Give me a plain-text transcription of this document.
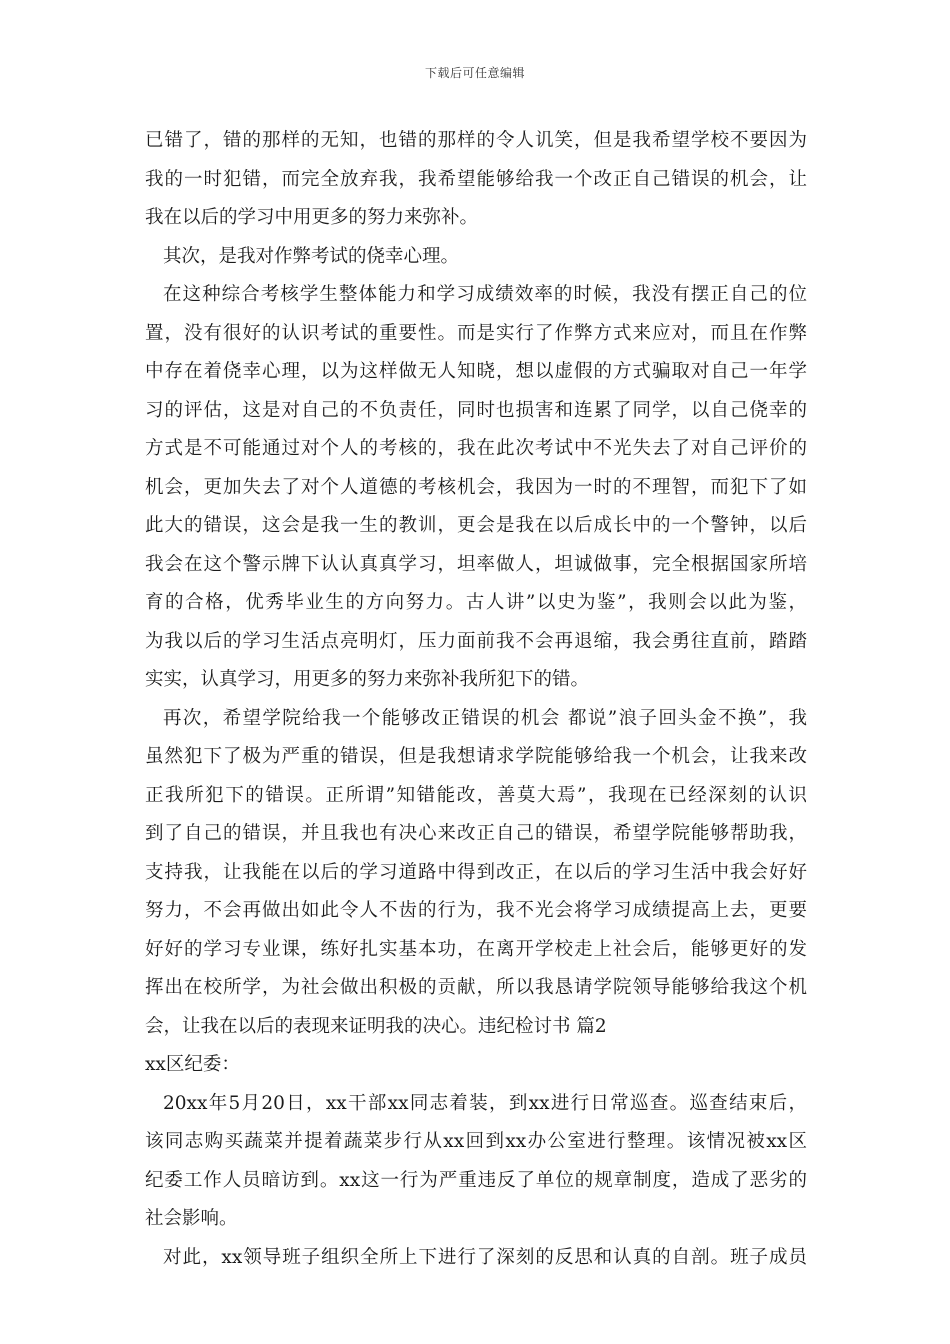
下载后可任意编辑
已错了，错的那样的无知，也错的那样的令人讥笑，但是我希望学校不要因为
我的一时犯错，而完全放弃我，我希望能够给我一个改正自己错误的机会，让
我在以后的学习中用更多的努力来弥补。
其次，是我对作弊考试的侥幸心理。
在这种综合考核学生整体能力和学习成绩效率的时候，我没有摆正自己的位
置，没有很好的认识考试的重要性。而是实行了作弊方式来应对，而且在作弊
中存在着侥幸心理，以为这样做无人知晓，想以虚假的方式骗取对自己一年学
习的评估，这是对自己的不负责任，同时也损害和连累了同学，以自己侥幸的
方式是不可能通过对个人的考核的，我在此次考试中不光失去了对自己评价的
机会，更加失去了对个人道德的考核机会，我因为一时的不理智，而犯下了如
此大的错误，这会是我一生的教训，更会是我在以后成长中的一个警钟，以后
我会在这个警示牌下认认真真学习，坦率做人，坦诚做事，完全根据国家所培
育的合格，优秀毕业生的方向努力。古人讲”以史为鉴”，我则会以此为鉴，
为我以后的学习生活点亮明灯，压力面前我不会再退缩，我会勇往直前，踏踏
实实，认真学习，用更多的努力来弥补我所犯下的错。
再次，希望学院给我一个能够改正错误的机会 都说”浪子回头金不换”，我
虽然犯下了极为严重的错误，但是我想请求学院能够给我一个机会，让我来改
正我所犯下的错误。正所谓”知错能改，善莫大焉”，我现在已经深刻的认识
到了自己的错误，并且我也有决心来改正自己的错误，希望学院能够帮助我，
支持我，让我能在以后的学习道路中得到改正，在以后的学习生活中我会好好
努力，不会再做出如此令人不齿的行为，我不光会将学习成绩提高上去，更要
好好的学习专业课，练好扎实基本功，在离开学校走上社会后，能够更好的发
挥出在校所学，为社会做出积极的贡献，所以我恳请学院领导能够给我这个机
会，让我在以后的表现来证明我的决心。违纪检讨书 篇2
xx区纪委：
20xx年5月20日，xx干部xx同志着装，到xx进行日常巡查。巡查结束后，
该同志购买蔬菜并提着蔬菜步行从xx回到xx办公室进行整理。该情况被xx区
纪委工作人员暗访到。xx这一行为严重违反了单位的规章制度，造成了恶劣的
社会影响。
对此，xx领导班子组织全所上下进行了深刻的反思和认真的自剖。班子成员
